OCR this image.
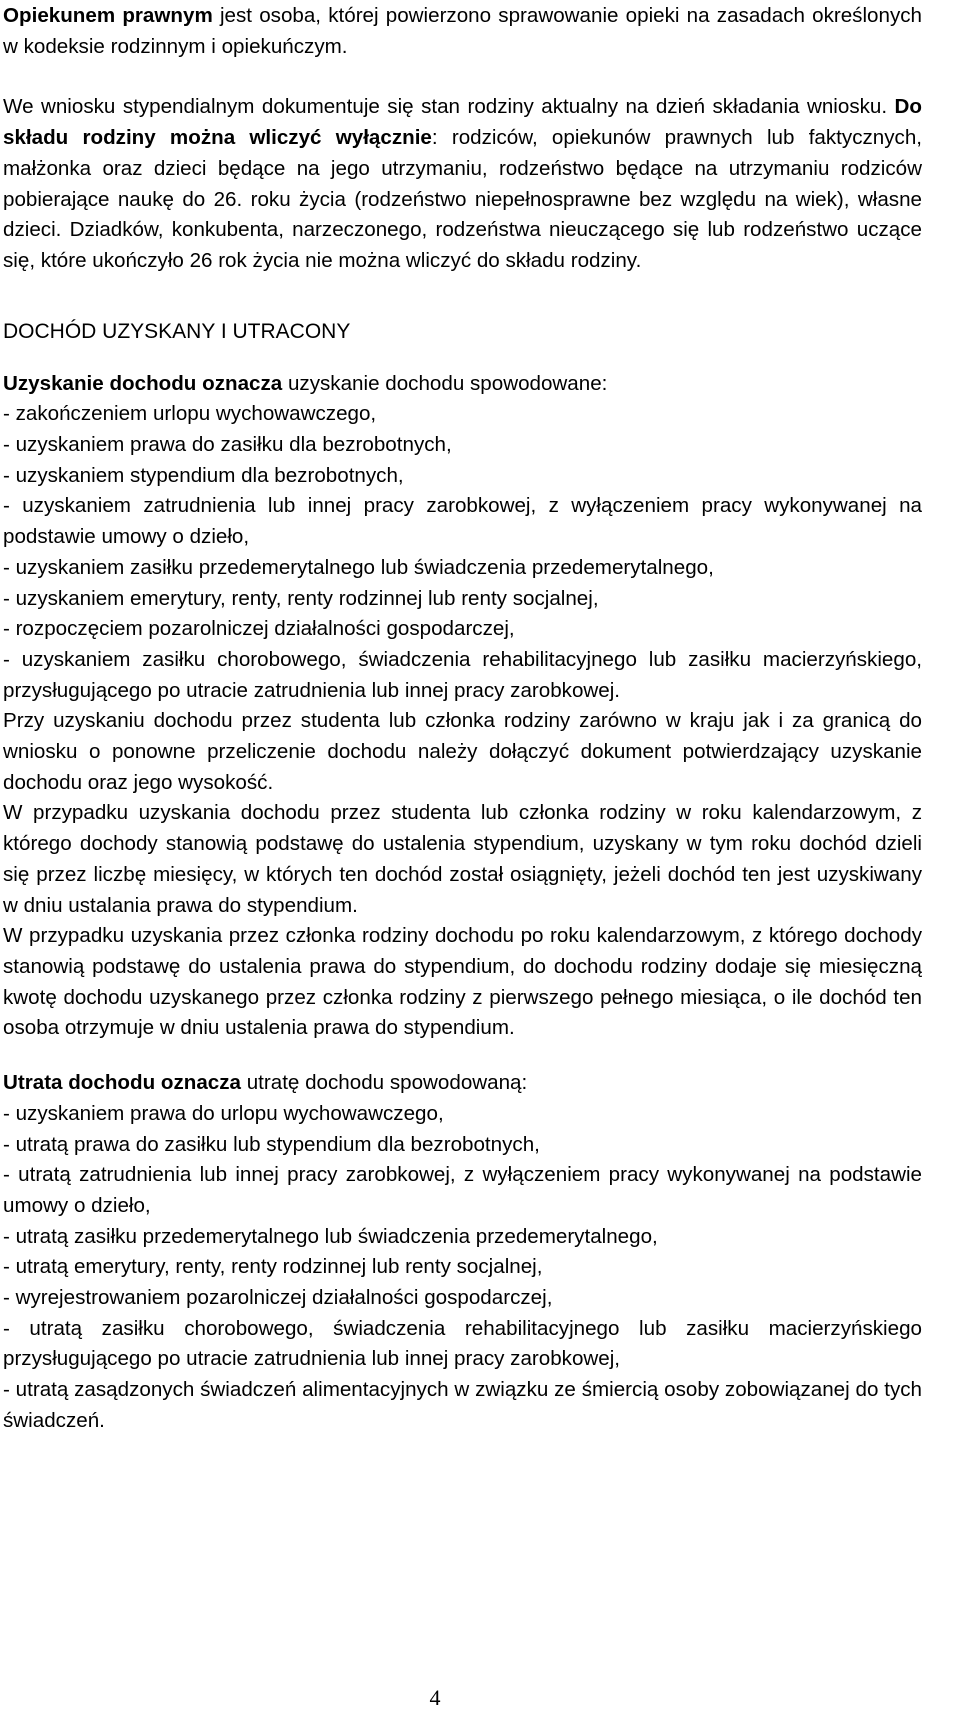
Opiekunem prawnym jest osoba, której powierzono sprawowanie opieki na zasadach określonych w kodeksie rodzinnym i opiekuńczym.

We wniosku stypendialnym dokumentuje się stan rodziny aktualny na dzień składania wniosku. Do składu rodziny można wliczyć wyłącznie: rodziców, opiekunów prawnych lub faktycznych, małżonka oraz dzieci będące na jego utrzymaniu, rodzeństwo będące na utrzymaniu rodziców pobierające naukę do 26. roku życia (rodzeństwo niepełnosprawne bez względu na wiek), własne dzieci. Dziadków, konkubenta, narzeczonego, rodzeństwa nieuczącego się lub rodzeństwo uczące się, które ukończyło 26 rok życia nie można wliczyć do składu rodziny.

DOCHÓD UZYSKANY I UTRACONY

Uzyskanie dochodu oznacza uzyskanie dochodu spowodowane:

- zakończeniem urlopu wychowawczego,

- uzyskaniem prawa do zasiłku dla bezrobotnych,

- uzyskaniem stypendium dla bezrobotnych,

- uzyskaniem zatrudnienia lub innej pracy zarobkowej, z wyłączeniem pracy wykonywanej na podstawie umowy o dzieło,

- uzyskaniem zasiłku przedemerytalnego lub świadczenia przedemerytalnego,

- uzyskaniem emerytury, renty, renty rodzinnej lub renty socjalnej,

- rozpoczęciem pozarolniczej działalności gospodarczej,

- uzyskaniem zasiłku chorobowego, świadczenia rehabilitacyjnego lub zasiłku macierzyńskiego, przysługującego po utracie zatrudnienia lub innej pracy zarobkowej.

Przy uzyskaniu dochodu przez studenta lub członka rodziny zarówno w kraju jak i za granicą do wniosku o ponowne przeliczenie dochodu należy dołączyć dokument potwierdzający uzyskanie dochodu oraz jego wysokość.

W przypadku uzyskania dochodu przez studenta lub członka rodziny w roku kalendarzowym, z którego dochody stanowią podstawę do ustalenia stypendium, uzyskany w tym roku dochód dzieli się przez liczbę miesięcy, w których ten dochód został osiągnięty, jeżeli dochód ten jest uzyskiwany w dniu ustalania prawa do stypendium.

W przypadku uzyskania przez członka rodziny dochodu po roku kalendarzowym, z którego dochody stanowią podstawę do ustalenia prawa do stypendium, do dochodu rodziny dodaje się miesięczną kwotę dochodu uzyskanego przez członka rodziny z pierwszego pełnego miesiąca, o ile dochód ten osoba otrzymuje w dniu ustalenia prawa do stypendium.

Utrata dochodu oznacza utratę dochodu spowodowaną:

- uzyskaniem prawa do urlopu wychowawczego,

- utratą prawa do zasiłku lub stypendium dla bezrobotnych,

- utratą zatrudnienia lub innej pracy zarobkowej, z wyłączeniem pracy wykonywanej na podstawie umowy o dzieło,

- utratą zasiłku przedemerytalnego lub świadczenia przedemerytalnego,

- utratą emerytury, renty, renty rodzinnej lub renty socjalnej,

- wyrejestrowaniem pozarolniczej działalności gospodarczej,

- utratą zasiłku chorobowego, świadczenia rehabilitacyjnego lub zasiłku macierzyńskiego przysługującego po utracie zatrudnienia lub innej pracy zarobkowej,

- utratą zasądzonych świadczeń alimentacyjnych w związku ze śmiercią osoby zobowiązanej do tych świadczeń.

4
